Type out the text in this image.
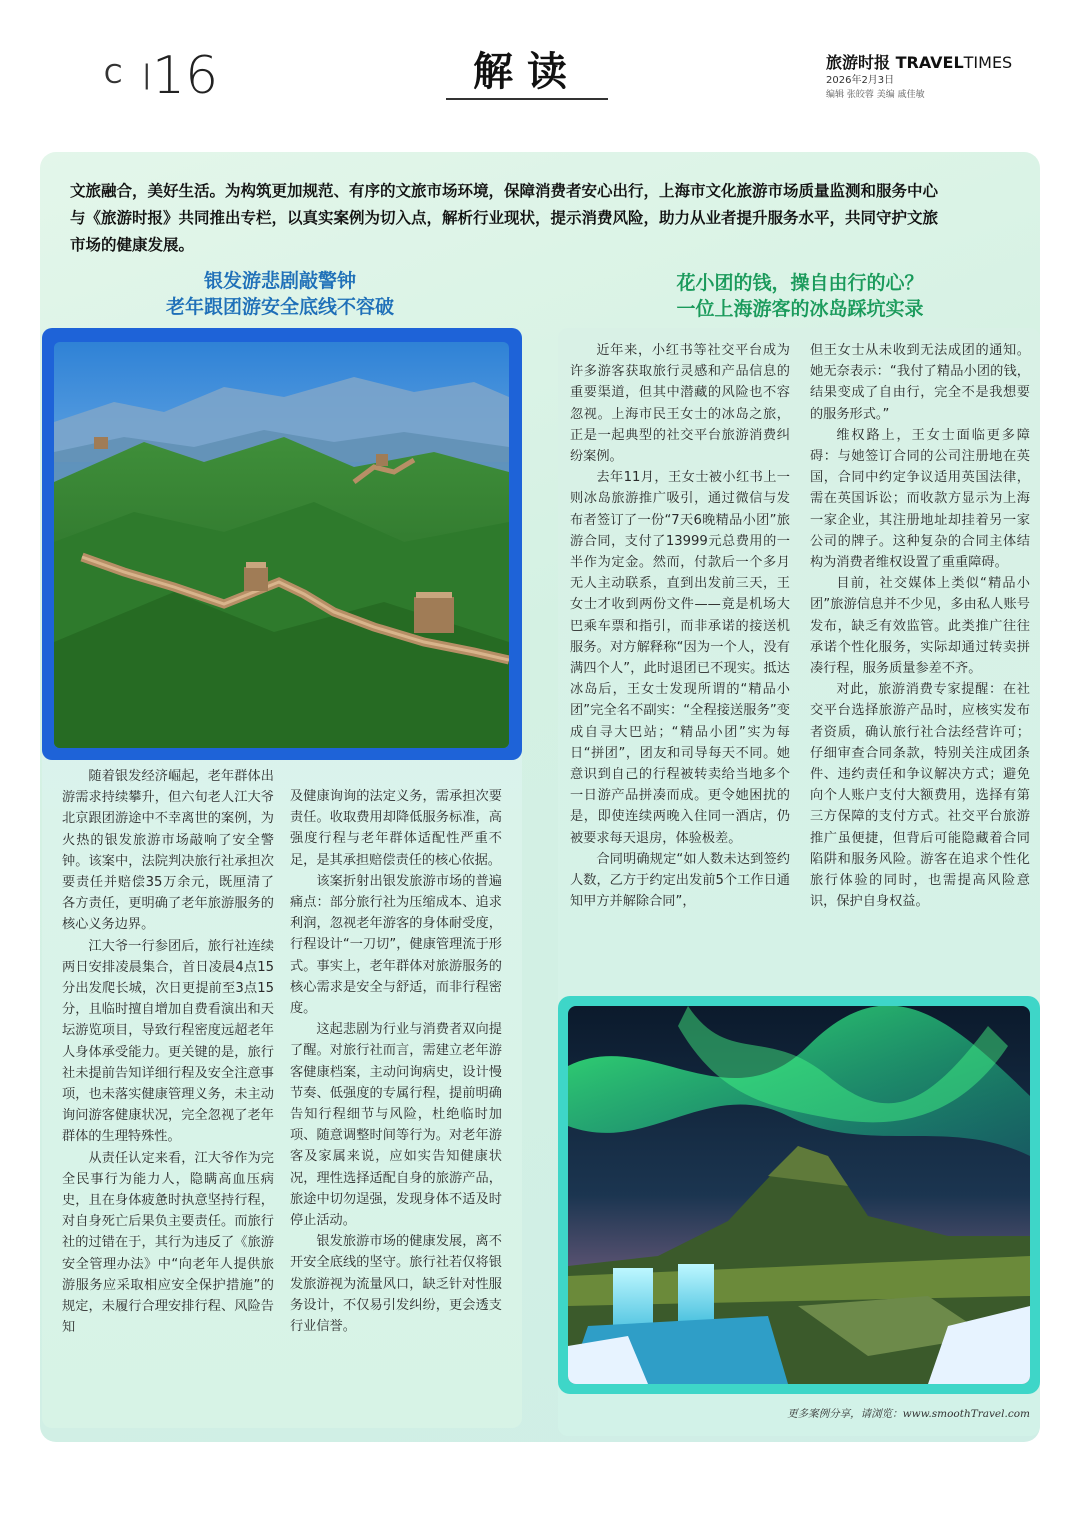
C |
16	解读	旅游时报 TRAVELTIMES
2026年2月3日
编辑 张皎蓉 美编 戚佳敏
文旅融合，美好生活。为构筑更加规范、有序的文旅市场环境，保障消费者安心出行，上海市文化旅游市场质量监测和服务中心与《旅游时报》共同推出专栏，以真实案例为切入点，解析行业现状，提示消费风险，助力从业者提升服务水平，共同守护文旅市场的健康发展。
银发游悲剧敲警钟
老年跟团游安全底线不容破
花小团的钱，操自由行的心？
一位上海游客的冰岛踩坑实录

随着银发经济崛起，老年群体出游需求持续攀升，但六旬老人江大爷北京跟团游途中不幸离世的案例，为火热的银发旅游市场敲响了安全警钟。该案中，法院判决旅行社承担次要责任并赔偿35万余元，既厘清了各方责任，更明确了老年旅游服务的核心义务边界。

江大爷一行参团后，旅行社连续两日安排凌晨集合，首日凌晨4点15分出发爬长城，次日更提前至3点15分，且临时擅自增加自费看演出和天坛游览项目，导致行程密度远超老年人身体承受能力。更关键的是，旅行社未提前告知详细行程及安全注意事项，也未落实健康管理义务，未主动询问游客健康状况，完全忽视了老年群体的生理特殊性。

从责任认定来看，江大爷作为完全民事行为能力人，隐瞒高血压病史，且在身体疲惫时执意坚持行程，对自身死亡后果负主要责任。而旅行社的过错在于，其行为违反了《旅游安全管理办法》中“向老年人提供旅游服务应采取相应安全保护措施”的规定，未履行合理安排行程、风险告知

及健康询询的法定义务，需承担次要责任。收取费用却降低服务标准，高强度行程与老年群体适配性严重不足，是其承担赔偿责任的核心依据。

该案折射出银发旅游市场的普遍痛点：部分旅行社为压缩成本、追求利润，忽视老年游客的身体耐受度，行程设计“一刀切”，健康管理流于形式。事实上，老年群体对旅游服务的核心需求是安全与舒适，而非行程密度。

这起悲剧为行业与消费者双向提了醒。对旅行社而言，需建立老年游客健康档案，主动问询病史，设计慢节奏、低强度的专属行程，提前明确告知行程细节与风险，杜绝临时加项、随意调整时间等行为。对老年游客及家属来说，应如实告知健康状况，理性选择适配自身的旅游产品，旅途中切勿逞强，发现身体不适及时停止活动。

银发旅游市场的健康发展，离不开安全底线的坚守。旅行社若仅将银发旅游视为流量风口，缺乏针对性服务设计，不仅易引发纠纷，更会透支行业信誉。

近年来，小红书等社交平台成为许多游客获取旅行灵感和产品信息的重要渠道，但其中潜藏的风险也不容忽视。上海市民王女士的冰岛之旅，正是一起典型的社交平台旅游消费纠纷案例。

去年11月，王女士被小红书上一则冰岛旅游推广吸引，通过微信与发布者签订了一份“7天6晚精品小团”旅游合同，支付了13999元总费用的一半作为定金。然而，付款后一个多月无人主动联系，直到出发前三天，王女士才收到两份文件——竟是机场大巴乘车票和指引，而非承诺的接送机服务。对方解释称“因为一个人，没有满四个人”，此时退团已不现实。抵达冰岛后，王女士发现所谓的“精品小团”完全名不副实：“全程接送服务”变成自寻大巴站；“精品小团”实为每日“拼团”，团友和司导每天不同。她意识到自己的行程被转卖给当地多个一日游产品拼凑而成。更令她困扰的是，即使连续两晚入住同一酒店，仍被要求每天退房，体验极差。

合同明确规定“如人数未达到签约人数，乙方于约定出发前5个工作日通知甲方并解除合同”，

但王女士从未收到无法成团的通知。她无奈表示：“我付了精品小团的钱，结果变成了自由行，完全不是我想要的服务形式。”

维权路上，王女士面临更多障碍：与她签订合同的公司注册地在英国，合同中约定争议适用英国法律，需在英国诉讼；而收款方显示为上海一家企业，其注册地址却挂着另一家公司的牌子。这种复杂的合同主体结构为消费者维权设置了重重障碍。

目前，社交媒体上类似“精品小团”旅游信息并不少见，多由私人账号发布，缺乏有效监管。此类推广往往承诺个性化服务，实际却通过转卖拼凑行程，服务质量参差不齐。

对此，旅游消费专家提醒：在社交平台选择旅游产品时，应核实发布者资质，确认旅行社合法经营许可；仔细审查合同条款，特别关注成团条件、违约责任和争议解决方式；避免向个人账户支付大额费用，选择有第三方保障的支付方式。社交平台旅游推广虽便捷，但背后可能隐藏着合同陷阱和服务风险。游客在追求个性化旅行体验的同时，也需提高风险意识，保护自身权益。

更多案例分享，请浏览：www.smoothTravel.com
